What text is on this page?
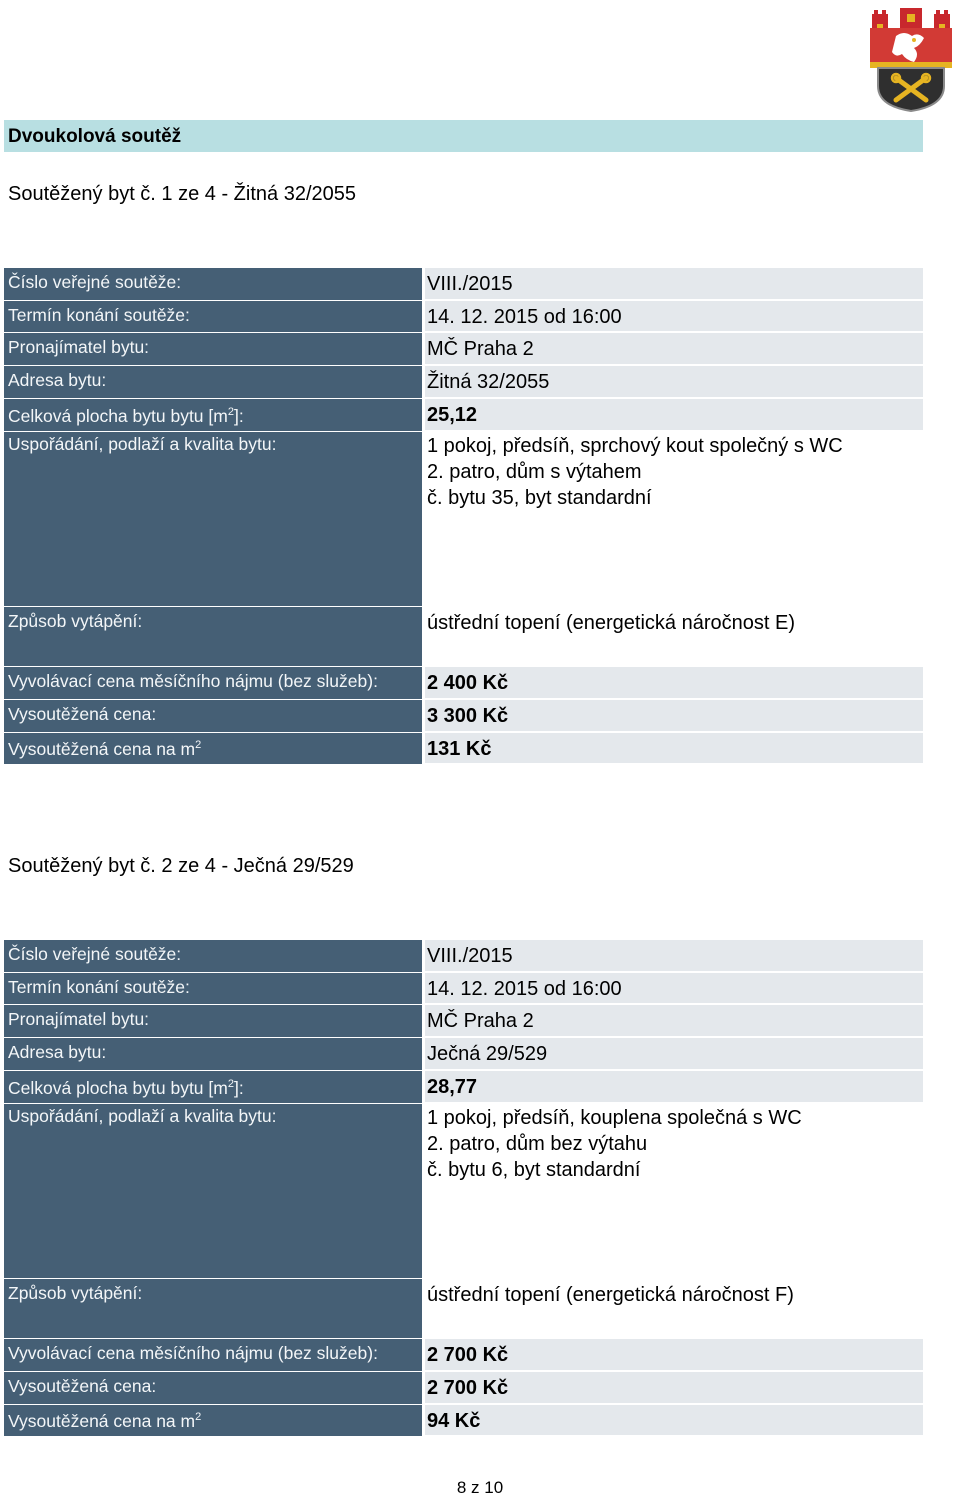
Dvoukolová soutěž
Soutěžený byt č. 1 ze 4 - Žitná 32/2055
Číslo veřejné soutěže:	VIII./2015
Termín konání soutěže:	14. 12. 2015 od 16:00
Pronajímatel bytu:	MČ Praha 2
Adresa bytu:	Žitná 32/2055
Celková plocha bytu bytu $[m^2]$:	25,12
Uspořádání, podlaží a kvalita bytu:	1 pokoj, předsíň, sprchový kout společný s WC
2. patro, dům s výtahem
č. bytu 35, byt standardní
Způsob vytápění:	ústřední topení (energetická náročnost E)
Vyvolávací cena měsíčního nájmu (bez služeb): 2 400 Kč
Vysoutěžená cena:	3 300 Kč
Vysoutěžená cena na $m^2$	131 Kč
Soutěžený byt č. 2 ze 4 - Ječná 29/529
Číslo veřejné soutěže:	VIII./2015
Termín konání soutěže:	14. 12. 2015 od 16:00
Pronajímatel bytu:	MČ Praha 2
Adresa bytu:	Ječná 29/529
Celková plocha bytu bytu $[m^2]$:	28,77
Uspořádání, podlaží a kvalita bytu:	1 pokoj, předsíň, kouplena společná s WC
2. patro, dům bez výtahu
č. bytu 6, byt standardní
Způsob vytápění:	ústřední topení (energetická náročnost F)
Vyvolávací cena měsíčního nájmu (bez služeb): 2 700 Kč
Vysoutěžená cena:	2 700 Kč
Vysoutěžená cena na $m^2$	94 Kč
8 z 10
